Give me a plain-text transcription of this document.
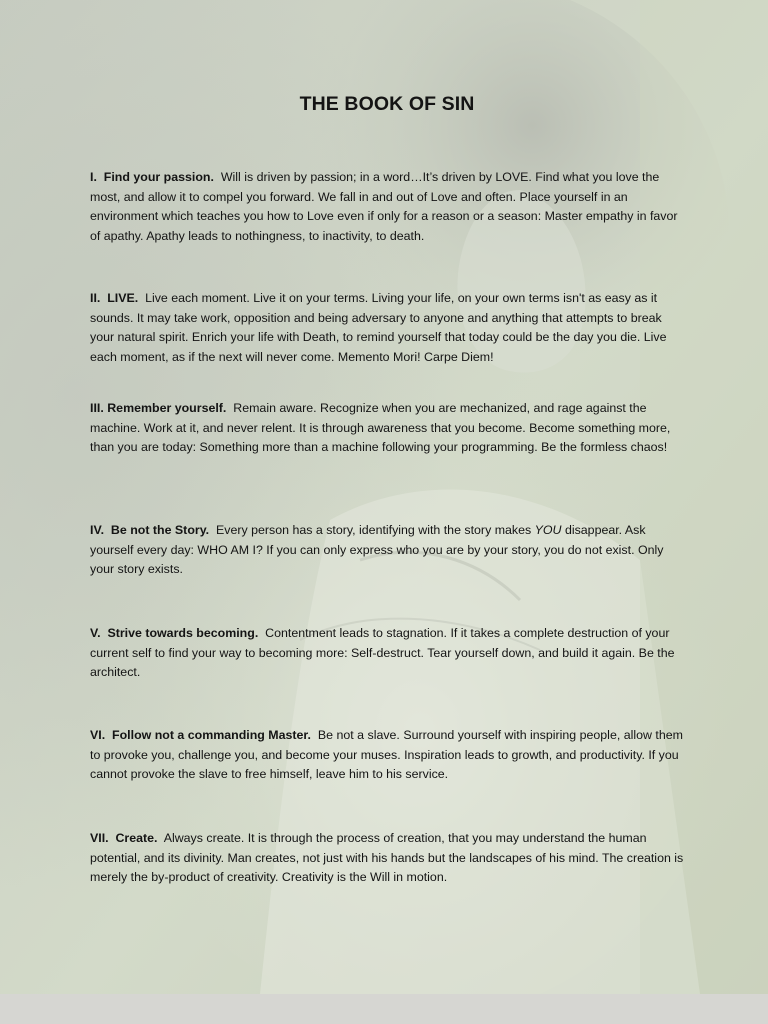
THE BOOK OF SIN

I. Find your passion. Will is driven by passion; in a word…It’s driven by LOVE. Find what you love the most, and allow it to compel you forward. We fall in and out of Love and often. Place yourself in an environment which teaches you how to Love even if only for a reason or a season: Master empathy in favor of apathy. Apathy leads to nothingness, to inactivity, to death.

II. LIVE. Live each moment. Live it on your terms. Living your life, on your own terms isn't as easy as it sounds. It may take work, opposition and being adversary to anyone and anything that attempts to break your natural spirit. Enrich your life with Death, to remind yourself that today could be the day you die. Live each moment, as if the next will never come. Memento Mori! Carpe Diem!

III. Remember yourself. Remain aware. Recognize when you are mechanized, and rage against the machine. Work at it, and never relent. It is through awareness that you become. Become something more, than you are today: Something more than a machine following your programming. Be the formless chaos!

IV. Be not the Story. Every person has a story, identifying with the story makes YOU disappear. Ask yourself every day: WHO AM I? If you can only express who you are by your story, you do not exist. Only your story exists.

V. Strive towards becoming. Contentment leads to stagnation. If it takes a complete destruction of your current self to find your way to becoming more: Self-destruct. Tear yourself down, and build it again. Be the architect.

VI. Follow not a commanding Master. Be not a slave. Surround yourself with inspiring people, allow them to provoke you, challenge you, and become your muses. Inspiration leads to growth, and productivity. If you cannot provoke the slave to free himself, leave him to his service.

VII. Create. Always create. It is through the process of creation, that you may understand the human potential, and its divinity. Man creates, not just with his hands but the landscapes of his mind. The creation is merely the by-product of creativity. Creativity is the Will in motion.
